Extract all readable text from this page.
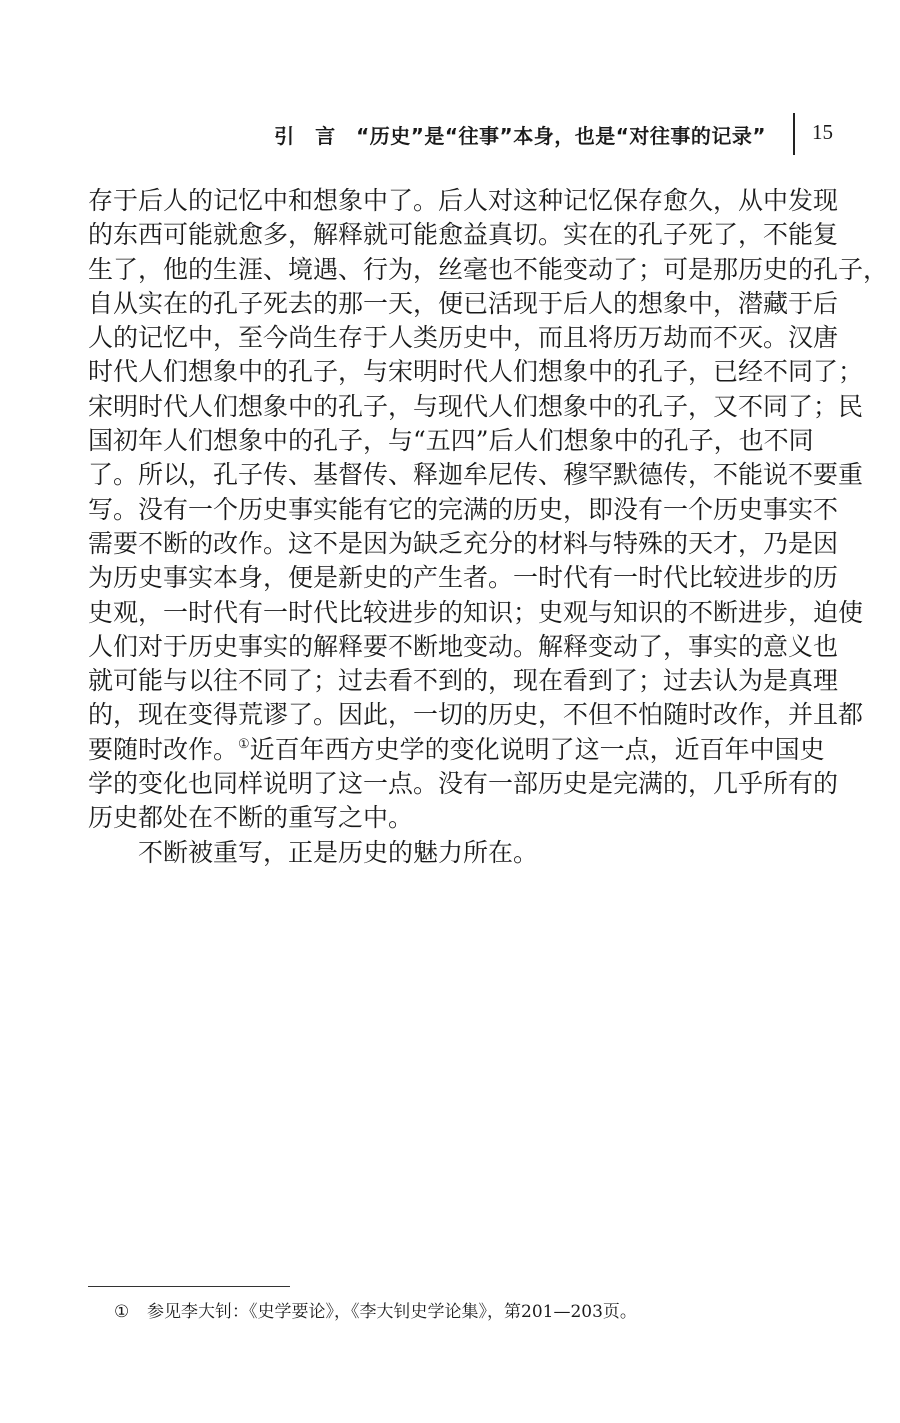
引　言　“历史”是“往事”本身，也是“对往事的记录” 15
存于后人的记忆中和想象中了。后人对这种记忆保存愈久，从中发现
的东西可能就愈多，解释就可能愈益真切。实在的孔子死了，不能复
生了，他的生涯、境遇、行为，丝毫也不能变动了；可是那历史的孔子，
自从实在的孔子死去的那一天，便已活现于后人的想象中，潜藏于后
人的记忆中，至今尚生存于人类历史中，而且将历万劫而不灭。汉唐
时代人们想象中的孔子，与宋明时代人们想象中的孔子，已经不同了；
宋明时代人们想象中的孔子，与现代人们想象中的孔子，又不同了；民
国初年人们想象中的孔子，与“五四”后人们想象中的孔子，也不同
了。所以，孔子传、基督传、释迦牟尼传、穆罕默德传，不能说不要重
写。没有一个历史事实能有它的完满的历史，即没有一个历史事实不
需要不断的改作。这不是因为缺乏充分的材料与特殊的天才，乃是因
为历史事实本身，便是新史的产生者。一时代有一时代比较进步的历
史观，一时代有一时代比较进步的知识；史观与知识的不断进步，迫使
人们对于历史事实的解释要不断地变动。解释变动了，事实的意义也
就可能与以往不同了；过去看不到的，现在看到了；过去认为是真理
的，现在变得荒谬了。因此，一切的历史，不但不怕随时改作，并且都
要随时改作。①近百年西方史学的变化说明了这一点，近百年中国史
学的变化也同样说明了这一点。没有一部历史是完满的，几乎所有的
历史都处在不断的重写之中。
不断被重写，正是历史的魅力所在。
① 参见李大钊：《史学要论》，《李大钊史学论集》，第201—203页。
